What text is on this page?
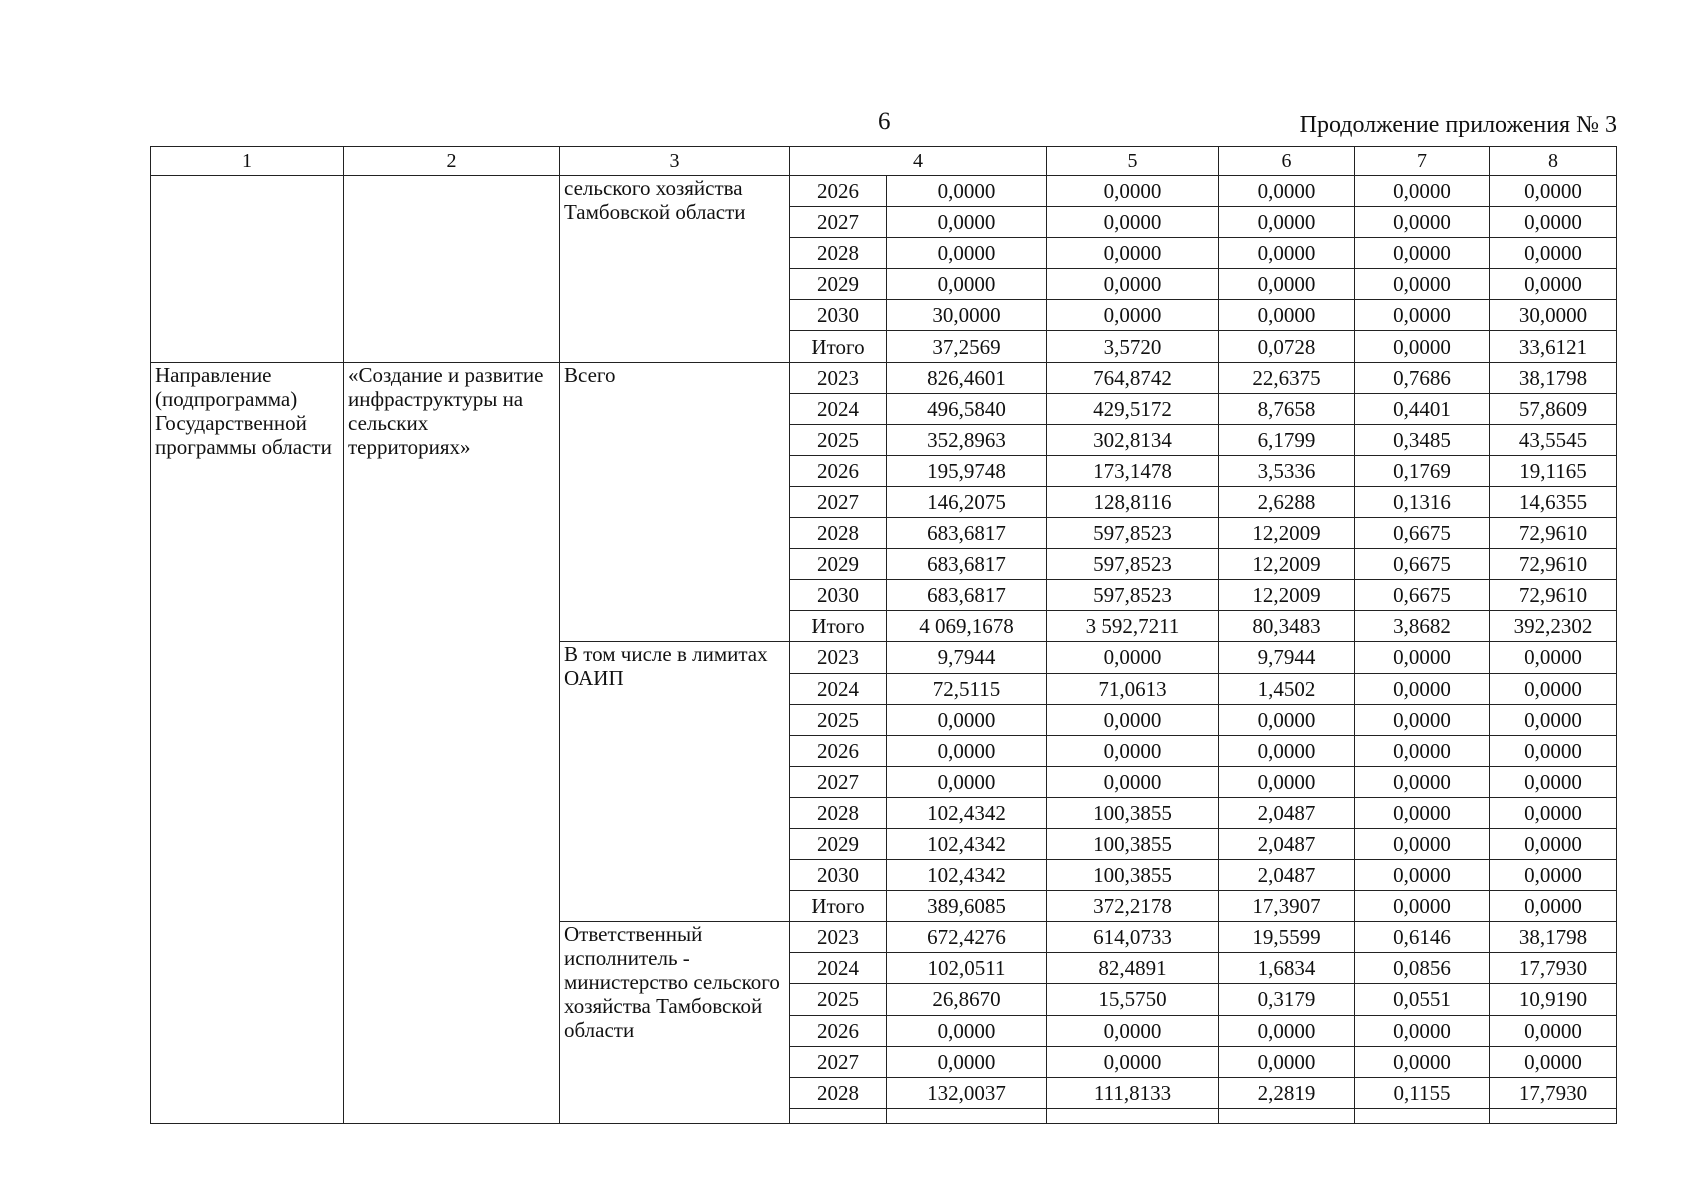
6	Продолжение приложения № 3
1	2	3	4		5	6	7	8
		сельского хозяйства Тамбовской области	2026	0,0000	0,0000	0,0000	0,0000	0,0000
			2027	0,0000	0,0000	0,0000	0,0000	0,0000
			2028	0,0000	0,0000	0,0000	0,0000	0,0000
			2029	0,0000	0,0000	0,0000	0,0000	0,0000
			2030	30,0000	0,0000	0,0000	0,0000	30,0000
			Итого	37,2569	3,5720	0,0728	0,0000	33,6121
Направление (подпрограмма) Государственной программы области	«Создание и развитие инфраструктуры на сельских территориях»	Всего	2023	826,4601	764,8742	22,6375	0,7686	38,1798
			2024	496,5840	429,5172	8,7658	0,4401	57,8609
			2025	352,8963	302,8134	6,1799	0,3485	43,5545
			2026	195,9748	173,1478	3,5336	0,1769	19,1165
			2027	146,2075	128,8116	2,6288	0,1316	14,6355
			2028	683,6817	597,8523	12,2009	0,6675	72,9610
			2029	683,6817	597,8523	12,2009	0,6675	72,9610
			2030	683,6817	597,8523	12,2009	0,6675	72,9610
			Итого	4 069,1678	3 592,7211	80,3483	3,8682	392,2302
		В том числе в лимитах ОАИП	2023	9,7944	0,0000	9,7944	0,0000	0,0000
			2024	72,5115	71,0613	1,4502	0,0000	0,0000
			2025	0,0000	0,0000	0,0000	0,0000	0,0000
			2026	0,0000	0,0000	0,0000	0,0000	0,0000
			2027	0,0000	0,0000	0,0000	0,0000	0,0000
			2028	102,4342	100,3855	2,0487	0,0000	0,0000
			2029	102,4342	100,3855	2,0487	0,0000	0,0000
			2030	102,4342	100,3855	2,0487	0,0000	0,0000
			Итого	389,6085	372,2178	17,3907	0,0000	0,0000
		Ответственный исполнитель - министерство сельского хозяйства Тамбовской области	2023	672,4276	614,0733	19,5599	0,6146	38,1798
			2024	102,0511	82,4891	1,6834	0,0856	17,7930
			2025	26,8670	15,5750	0,3179	0,0551	10,9190
			2026	0,0000	0,0000	0,0000	0,0000	0,0000
			2027	0,0000	0,0000	0,0000	0,0000	0,0000
			2028	132,0037	111,8133	2,2819	0,1155	17,7930
